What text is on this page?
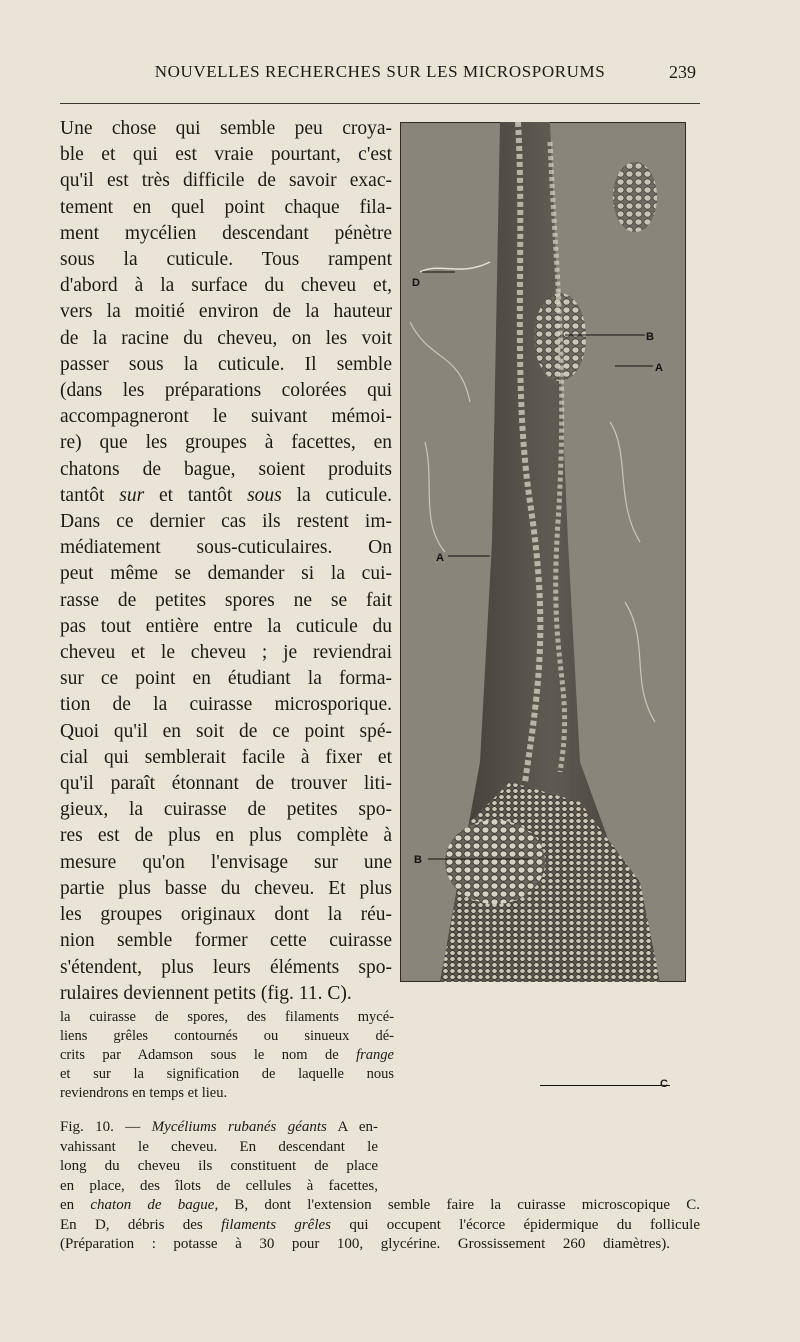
NOUVELLES RECHERCHES SUR LES MICROSPORUMS	239
Une chose qui semble peu croya-
ble et qui est vraie pourtant, c'est
qu'il est très difficile de savoir exac-
tement en quel point chaque fila-
ment mycélien descendant pénètre
sous la cuticule. Tous rampent
d'abord à la surface du cheveu et,
vers la moitié environ de la hauteur
de la racine du cheveu, on les voit
passer sous la cuticule. Il semble
(dans les préparations colorées qui
accompagneront le suivant mémoi-
re) que les groupes à facettes, en
chatons de bague, soient produits
tantôt sur et tantôt sous la cuticule.
Dans ce dernier cas ils restent im-
médiatement sous-cuticulaires. On
peut même se demander si la cui-
rasse de petites spores ne se fait
pas tout entière entre la cuticule du
cheveu et le cheveu ; je reviendrai
sur ce point en étudiant la forma-
tion de la cuirasse microsporique.
Quoi qu'il en soit de ce point spé-
cial qui semblerait facile à fixer et
qu'il paraît étonnant de trouver liti-
gieux, la cuirasse de petites spo-
res est de plus en plus complète à
mesure qu'on l'envisage sur une
partie plus basse du cheveu. Et plus
les groupes originaux dont la réu-
nion semble former cette cuirasse
s'étendent, plus leurs éléments spo-
rulaires deviennent petits (fig. 11. C).
la cuirasse de spores, des filaments mycé-
liens grêles contournés ou sinueux dé-
crits par Adamson sous le nom de frange
et sur la signification de laquelle nous
reviendrons en temps et lieu.
Fig. 10. — Mycéliums rubanés géants A en-
vahissant le cheveu. En descendant le
long du cheveu ils constituent de place
en place, des îlots de cellules à facettes,
en chaton de bague, B, dont l'extension semble faire la cuirasse microscopique C.
En D, débris des filaments grêles qui occupent l'écorce épidermique du follicule
(Préparation : potasse à 30 pour 100, glycérine. Grossissement 260 diamètres).
D
B
A
A
B
C
